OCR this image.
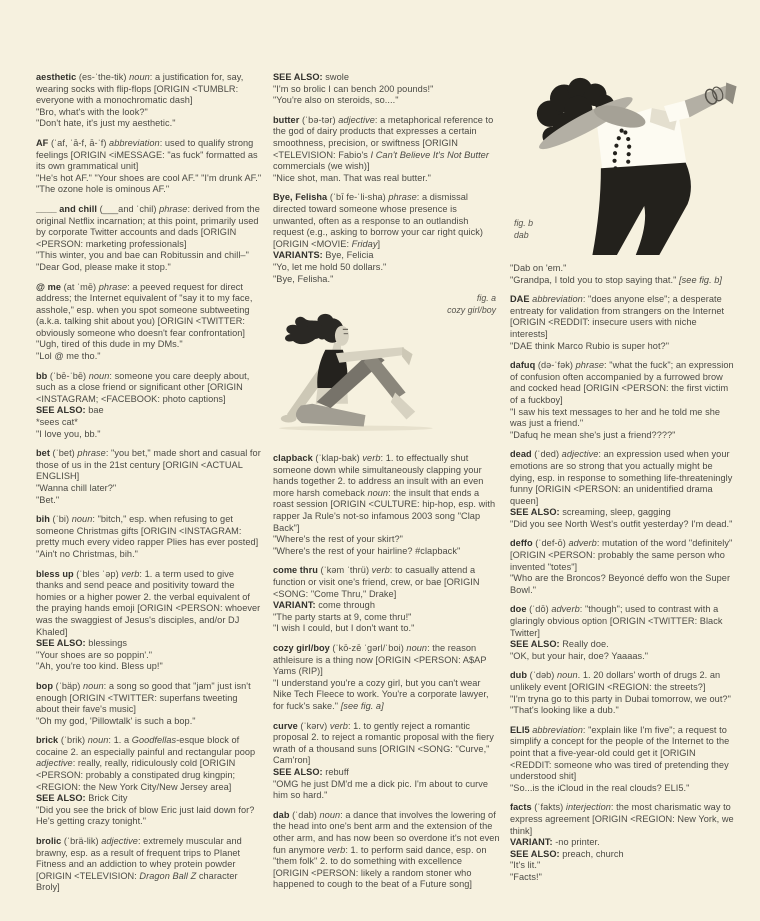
aesthetic (es-ˈthe-tik) noun: a justification for, say, wearing socks with flip-flops [ORIGIN <TUMBLR: everyone with a monochromatic dash]

"Bro, what's with the look?"

"Don't hate, it's just my aesthetic."

AF (ˈaf, ˈā-f, ā-ˈf) abbreviation: used to qualify strong feelings [ORIGIN <iMESSAGE: "as fuck" formatted as its own grammatical unit]

"He's hot AF." "Your shoes are cool AF." "I'm drunk AF."

"The ozone hole is ominous AF."

____ and chill (___and ˈchil) phrase: derived from the original Netflix incarnation; at this point, primarily used by corporate Twitter accounts and dads [ORIGIN <PERSON: marketing professionals]

"This winter, you and bae can Robitussin and chill–"

"Dear God, please make it stop."

@ me (at ˈmē) phrase: a peeved request for direct address; the Internet equivalent of "say it to my face, asshole," esp. when you spot someone subtweeting (a.k.a. talking shit about you) [ORIGIN <TWITTER: obviously someone who doesn't fear confrontation]

"Ugh, tired of this dude in my DMs."

"Lol @ me tho."

bb (ˈbē-ˈbē) noun: someone you care deeply about, such as a close friend or significant other [ORIGIN <INSTAGRAM; <FACEBOOK: photo captions]

SEE ALSO: bae

*sees cat*

"I love you, bb."

bet (ˈbet) phrase: "you bet," made short and casual for those of us in the 21st century [ORIGIN <ACTUAL ENGLISH]

"Wanna chill later?"

"Bet."

bih (ˈbi) noun: "bitch," esp. when refusing to get someone Christmas gifts [ORIGIN <INSTAGRAM: pretty much every video rapper Plies has ever posted]

"Ain't no Christmas, bih."

bless up (ˈbles ˈəp) verb: 1. a term used to give thanks and send peace and positivity toward the homies or a higher power 2. the verbal equivalent of the praying hands emoji [ORIGIN <PERSON: whoever was the swaggiest of Jesus's disciples, and/or DJ Khaled]

SEE ALSO: blessings

"Your shoes are so poppin'."

"Ah, you're too kind. Bless up!"

bop (ˈbäp) noun: a song so good that "jam" just isn't enough [ORIGIN <TWITTER: superfans tweeting about their fave's music]

"Oh my god, 'Pillowtalk' is such a bop."

brick (ˈbrik) noun: 1. a Goodfellas-esque block of cocaine 2. an especially painful and rectangular poop adjective: really, really, ridiculously cold [ORIGIN <PERSON: probably a constipated drug kingpin; <REGION: the New York City/New Jersey area]

SEE ALSO: Brick City

"Did you see the brick of blow Eric just laid down for? He's getting crazy tonight."

brolic (ˈbrä-lik) adjective: extremely muscular and brawny, esp. as a result of frequent trips to Planet Fitness and an addiction to whey protein powder [ORIGIN <TELEVISION: Dragon Ball Z character Broly]

SEE ALSO: swole

"I'm so brolic I can bench 200 pounds!"

"You're also on steroids, so...."

butter (ˈbə-tər) adjective: a metaphorical reference to the god of dairy products that expresses a certain smoothness, precision, or swiftness [ORIGIN <TELEVISION: Fabio's I Can't Believe It's Not Butter commercials (we wish)]

"Nice shot, man. That was real butter."

Bye, Felisha (ˈbī fe-ˈli-sha) phrase: a dismissal directed toward someone whose presence is unwanted, often as a response to an outlandish request (e.g., asking to borrow your car right quick) [ORIGIN <MOVIE: Friday]

VARIANTS: Bye, Felicia

"Yo, let me hold 50 dollars."

"Bye, Felisha."

fig. a
cozy girl/boy

clapback (ˈklap-bak) verb: 1. to effectually shut someone down while simultaneously clapping your hands together 2. to address an insult with an even more harsh comeback noun: the insult that ends a roast session [ORIGIN <CULTURE: hip-hop, esp. with rapper Ja Rule's not-so infamous 2003 song "Clap Back"]

"Where's the rest of your skirt?"

"Where's the rest of your hairline? #clapback"

come thru (ˈkəm ˈthrü) verb: to casually attend a function or visit one's friend, crew, or bae [ORIGIN <SONG: "Come Thru," Drake]

VARIANT: come through

"The party starts at 9, come thru!"

"I wish I could, but I don't want to."

cozy girl/boy (ˈkō-zē ˈgərl/ˈboi) noun: the reason athleisure is a thing now [ORIGIN <PERSON: A$AP Yams (RIP)]

"I understand you're a cozy girl, but you can't wear Nike Tech Fleece to work. You're a corporate lawyer, for fuck's sake." [see fig. a]

curve (ˈkərv) verb: 1. to gently reject a romantic proposal 2. to reject a romantic proposal with the fiery wrath of a thousand suns [ORIGIN <SONG: "Curve," Cam'ron]

SEE ALSO: rebuff

"OMG he just DM'd me a dick pic. I'm about to curve him so hard."

dab (ˈdab) noun: a dance that involves the lowering of the head into one's bent arm and the extension of the other arm, and has now been so overdone it's not even fun anymore verb: 1. to perform said dance, esp. on "them folk" 2. to do something with excellence [ORIGIN <PERSON: likely a random stoner who happened to cough to the beat of a Future song]

fig. b
dab

"Dab on 'em."

"Grandpa, I told you to stop saying that." [see fig. b]

DAE abbreviation: "does anyone else"; a desperate entreaty for validation from strangers on the Internet [ORIGIN <REDDIT: insecure users with niche interests]

"DAE think Marco Rubio is super hot?"

dafuq (də-ˈfək) phrase: "what the fuck"; an expression of confusion often accompanied by a furrowed brow and cocked head [ORIGIN <PERSON: the first victim of a fuckboy]

"I saw his text messages to her and he told me she was just a friend."

"Dafuq he mean she's just a friend????"

dead (ˈded) adjective: an expression used when your emotions are so strong that you actually might be dying, esp. in response to something life-threateningly funny [ORIGIN <PERSON: an unidentified drama queen]

SEE ALSO: screaming, sleep, gagging

"Did you see North West's outfit yesterday? I'm dead."

deffo (ˈdef-ō) adverb: mutation of the word "definitely" [ORIGIN <PERSON: probably the same person who invented "totes"]

"Who are the Broncos? Beyoncé deffo won the Super Bowl."

doe (ˈdō) adverb: "though"; used to contrast with a glaringly obvious option [ORIGIN <TWITTER: Black Twitter]

SEE ALSO: Really doe.

"OK, but your hair, doe? Yaaaas."

dub (ˈdəb) noun. 1. 20 dollars' worth of drugs 2. an unlikely event [ORIGIN <REGION: the streets?]

"I'm tryna go to this party in Dubai tomorrow, we out?"

"That's looking like a dub."

ELI5 abbreviation: "explain like I'm five"; a request to simplify a concept for the people of the Internet to the point that a five-year-old could get it [ORIGIN <REDDIT: someone who was tired of pretending they understood shit]

"So...is the iCloud in the real clouds? ELI5."

facts (ˈfakts) interjection: the most charismatic way to express agreement [ORIGIN <REGION: New York, we think]

VARIANT: -no printer.

SEE ALSO: preach, church

"It's lit."

"Facts!"
